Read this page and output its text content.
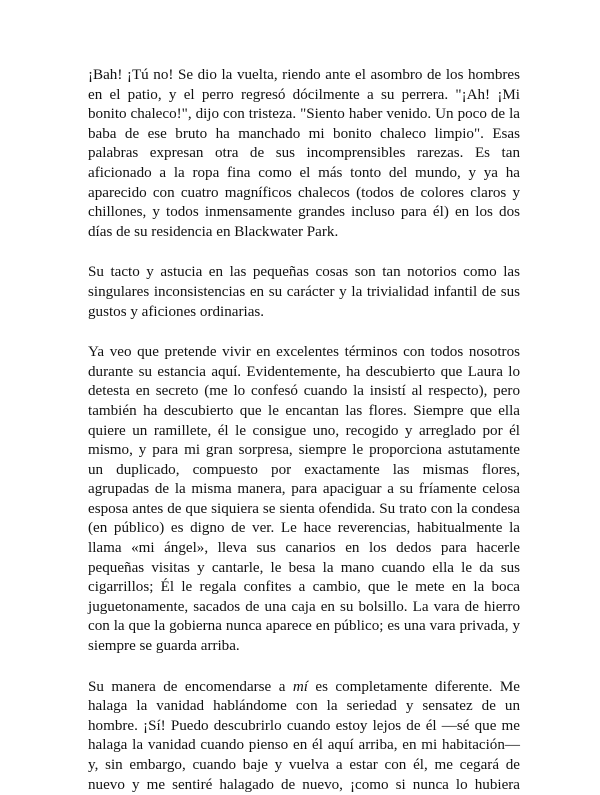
¡Bah! ¡Tú no! Se dio la vuelta, riendo ante el asombro de los hombres
en el patio, y el perro regresó dócilmente a su perrera. "¡Ah! ¡Mi
bonito chaleco!", dijo con tristeza. "Siento haber venido. Un poco de la
baba de ese bruto ha manchado mi bonito chaleco limpio". Esas
palabras expresan otra de sus incomprensibles rarezas. Es tan
aficionado a la ropa fina como el más tonto del mundo, y ya ha
aparecido con cuatro magníficos chalecos (todos de colores claros y
chillones, y todos inmensamente grandes incluso para él) en los dos
días de su residencia en Blackwater Park.

Su tacto y astucia en las pequeñas cosas son tan notorios como las
singulares inconsistencias en su carácter y la trivialidad infantil de sus
gustos y aficiones ordinarias.

Ya veo que pretende vivir en excelentes términos con todos nosotros
durante su estancia aquí. Evidentemente, ha descubierto que Laura lo
detesta en secreto (me lo confesó cuando la insistí al respecto), pero
también ha descubierto que le encantan las flores. Siempre que ella
quiere un ramillete, él le consigue uno, recogido y arreglado por él
mismo, y para mi gran sorpresa, siempre le proporciona astutamente
un duplicado, compuesto por exactamente las mismas flores,
agrupadas de la misma manera, para apaciguar a su fríamente celosa
esposa antes de que siquiera se sienta ofendida. Su trato con la condesa
(en público) es digno de ver. Le hace reverencias, habitualmente la
llama «mi ángel», lleva sus canarios en los dedos para hacerle
pequeñas visitas y cantarle, le besa la mano cuando ella le da sus
cigarrillos; Él le regala confites a cambio, que le mete en la boca
juguetonamente, sacados de una caja en su bolsillo. La vara de hierro
con la que la gobierna nunca aparece en público; es una vara privada, y
siempre se guarda arriba.

Su manera de encomendarse a mí es completamente diferente. Me
halaga la vanidad hablándome con la seriedad y sensatez de un
hombre. ¡Sí! Puedo descubrirlo cuando estoy lejos de él —sé que me
halaga la vanidad cuando pienso en él aquí arriba, en mi habitación—
y, sin embargo, cuando baje y vuelva a estar con él, me cegará de
nuevo y me sentiré halagado de nuevo, ¡como si nunca lo hubiera
